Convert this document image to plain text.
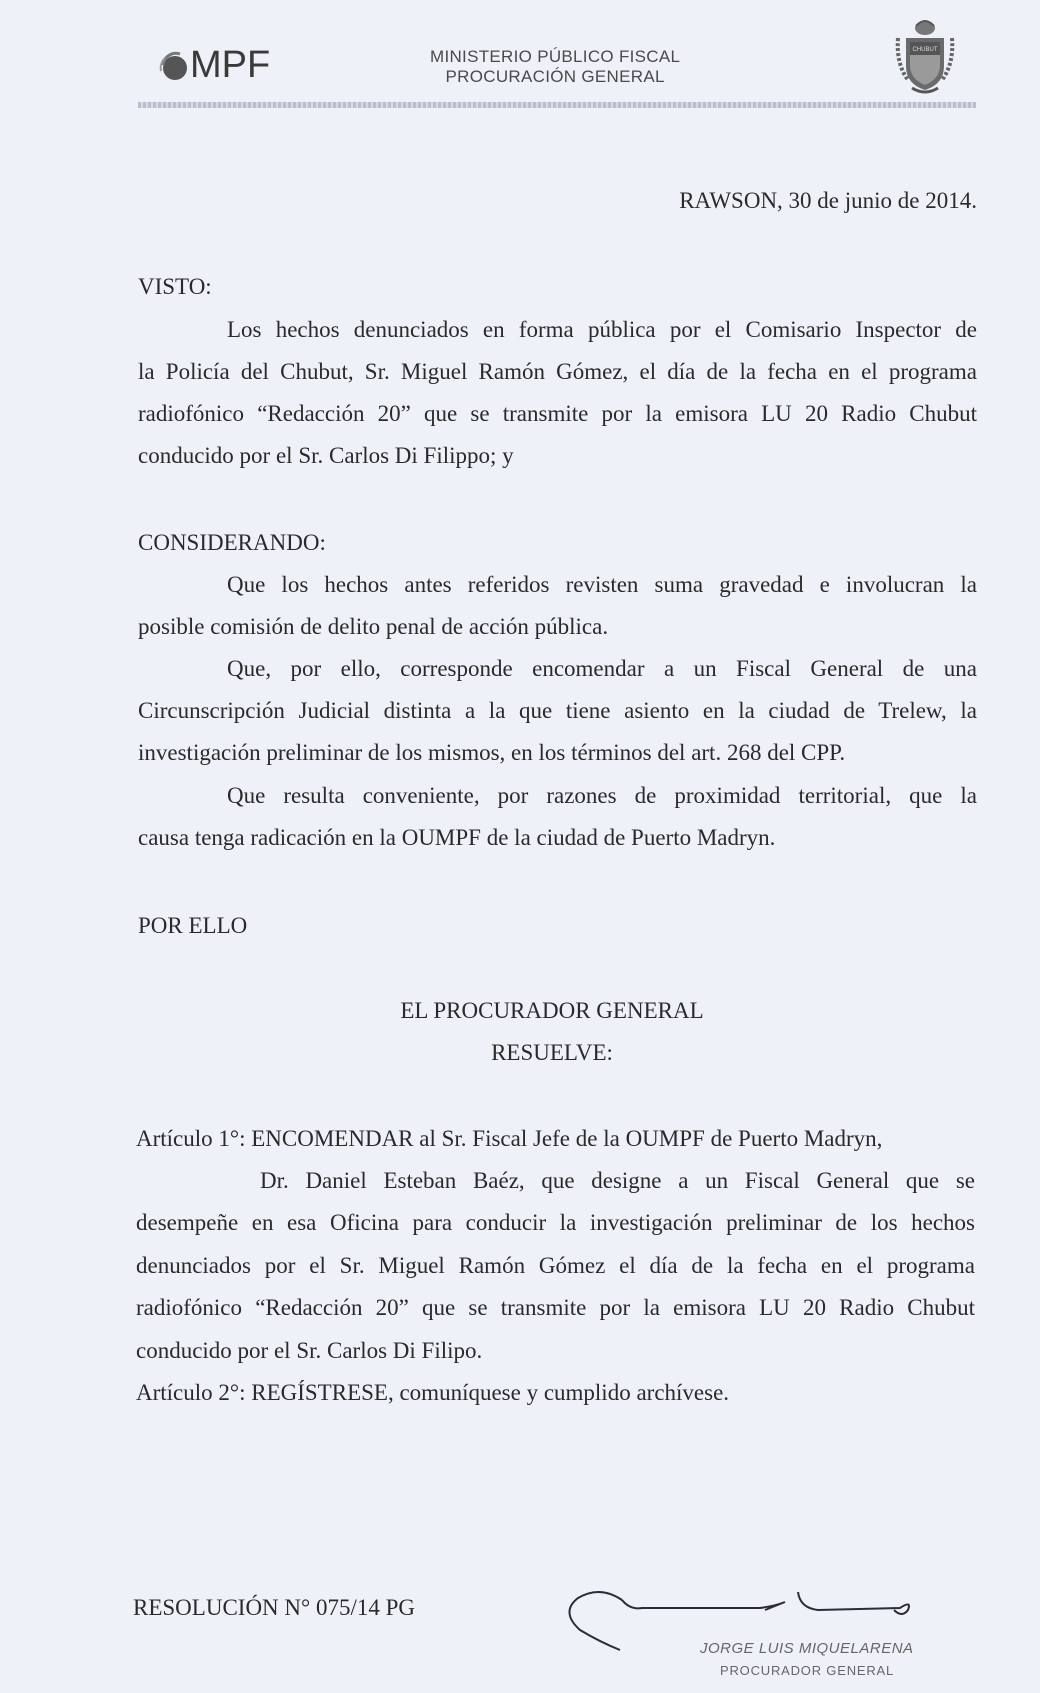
MPF	MINISTERIO PÚBLICO FISCAL
PROCURACIÓN GENERAL
CHUBUT
RAWSON, 30 de junio de 2014.
VISTO:
Los hechos denunciados en forma pública por el Comisario Inspector de
la Policía del Chubut, Sr. Miguel Ramón Gómez, el día de la fecha en el programa
radiofónico “Redacción 20” que se transmite por la emisora LU 20 Radio Chubut
conducido por el Sr. Carlos Di Filippo; y
CONSIDERANDO:
Que los hechos antes referidos revisten suma gravedad e involucran la
posible comisión de delito penal de acción pública.
Que, por ello, corresponde encomendar a un Fiscal General de una
Circunscripción Judicial distinta a la que tiene asiento en la ciudad de Trelew, la
investigación preliminar de los mismos, en los términos del art. 268 del CPP.
Que resulta conveniente, por razones de proximidad territorial, que la
causa tenga radicación en la OUMPF de la ciudad de Puerto Madryn.
POR ELLO
EL PROCURADOR GENERAL
RESUELVE:
Artículo 1°: ENCOMENDAR al Sr. Fiscal Jefe de la OUMPF de Puerto Madryn,
Dr. Daniel Esteban Baéz, que designe a un Fiscal General que se
desempeñe en esa Oficina para conducir la investigación preliminar de los hechos
denunciados por el Sr. Miguel Ramón Gómez el día de la fecha en el programa
radiofónico “Redacción 20” que se transmite por la emisora LU 20 Radio Chubut
conducido por el Sr. Carlos Di Filipo.
Artículo 2°: REGÍSTRESE, comuníquese y cumplido archívese.
RESOLUCIÓN N° 075/14 PG
JORGE LUIS MIQUELARENA
PROCURADOR GENERAL
